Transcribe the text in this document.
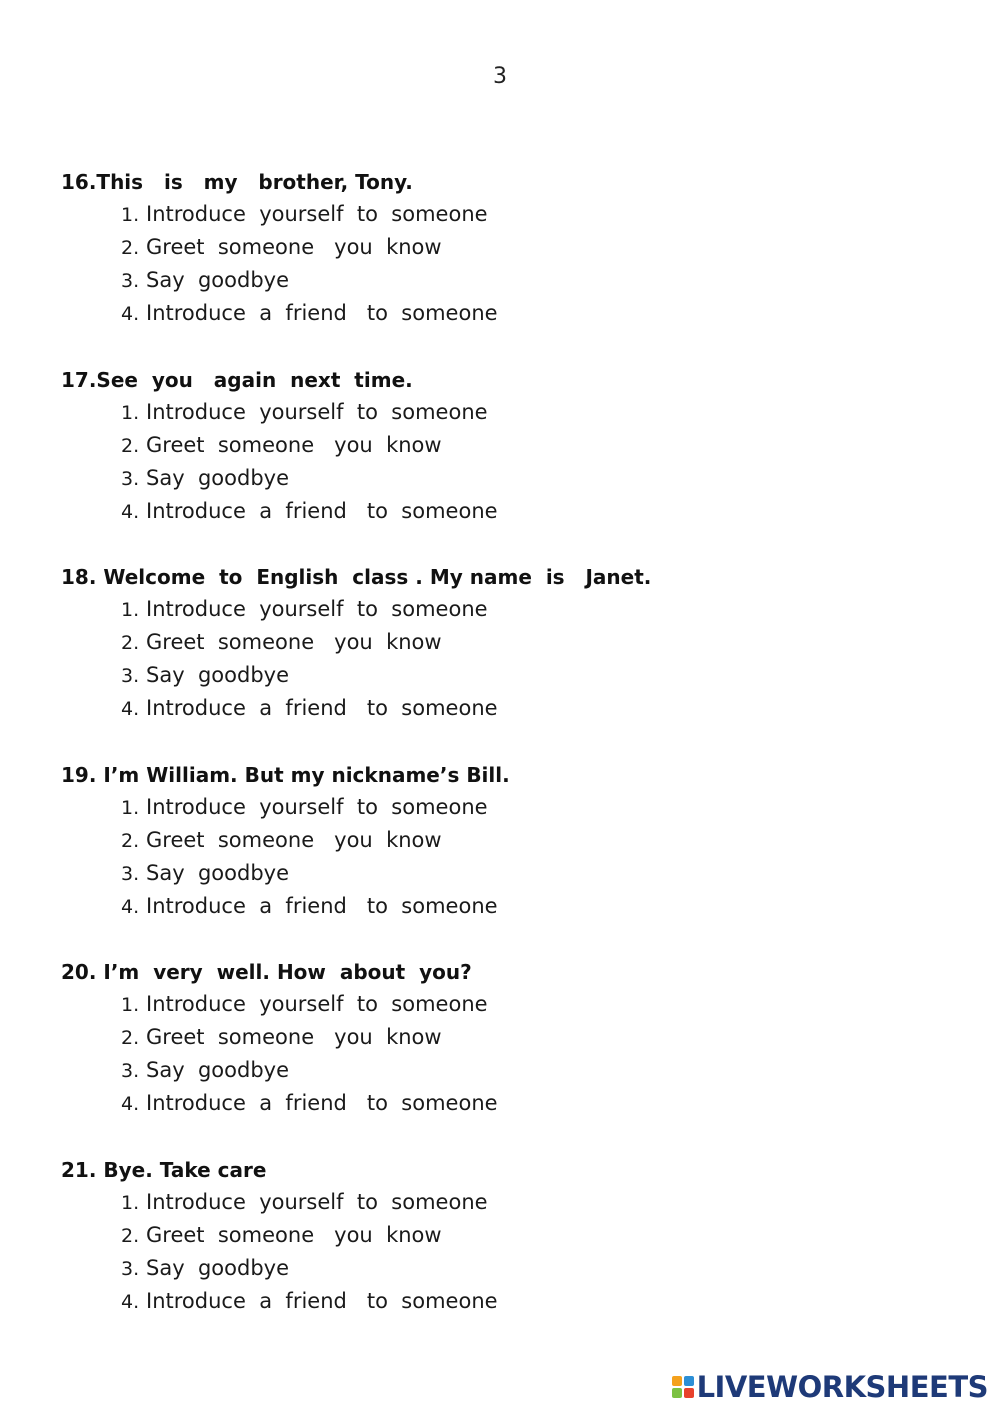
3
16.This   is   my   brother, Tony.
1. Introduce  yourself  to  someone
2. Greet  someone   you  know
3. Say  goodbye
4. Introduce  a  friend   to  someone
17.See  you   again  next  time.
1. Introduce  yourself  to  someone
2. Greet  someone   you  know
3. Say  goodbye
4. Introduce  a  friend   to  someone
18. Welcome  to  English  class . My name  is   Janet.
1. Introduce  yourself  to  someone
2. Greet  someone   you  know
3. Say  goodbye
4. Introduce  a  friend   to  someone
19. I’m William. But my nickname’s Bill.
1. Introduce  yourself  to  someone
2. Greet  someone   you  know
3. Say  goodbye
4. Introduce  a  friend   to  someone
20. I’m  very  well. How  about  you?
1. Introduce  yourself  to  someone
2. Greet  someone   you  know
3. Say  goodbye
4. Introduce  a  friend   to  someone
21. Bye. Take care
1. Introduce  yourself  to  someone
2. Greet  someone   you  know
3. Say  goodbye
4. Introduce  a  friend   to  someone
LIVEWORKSHEETS
